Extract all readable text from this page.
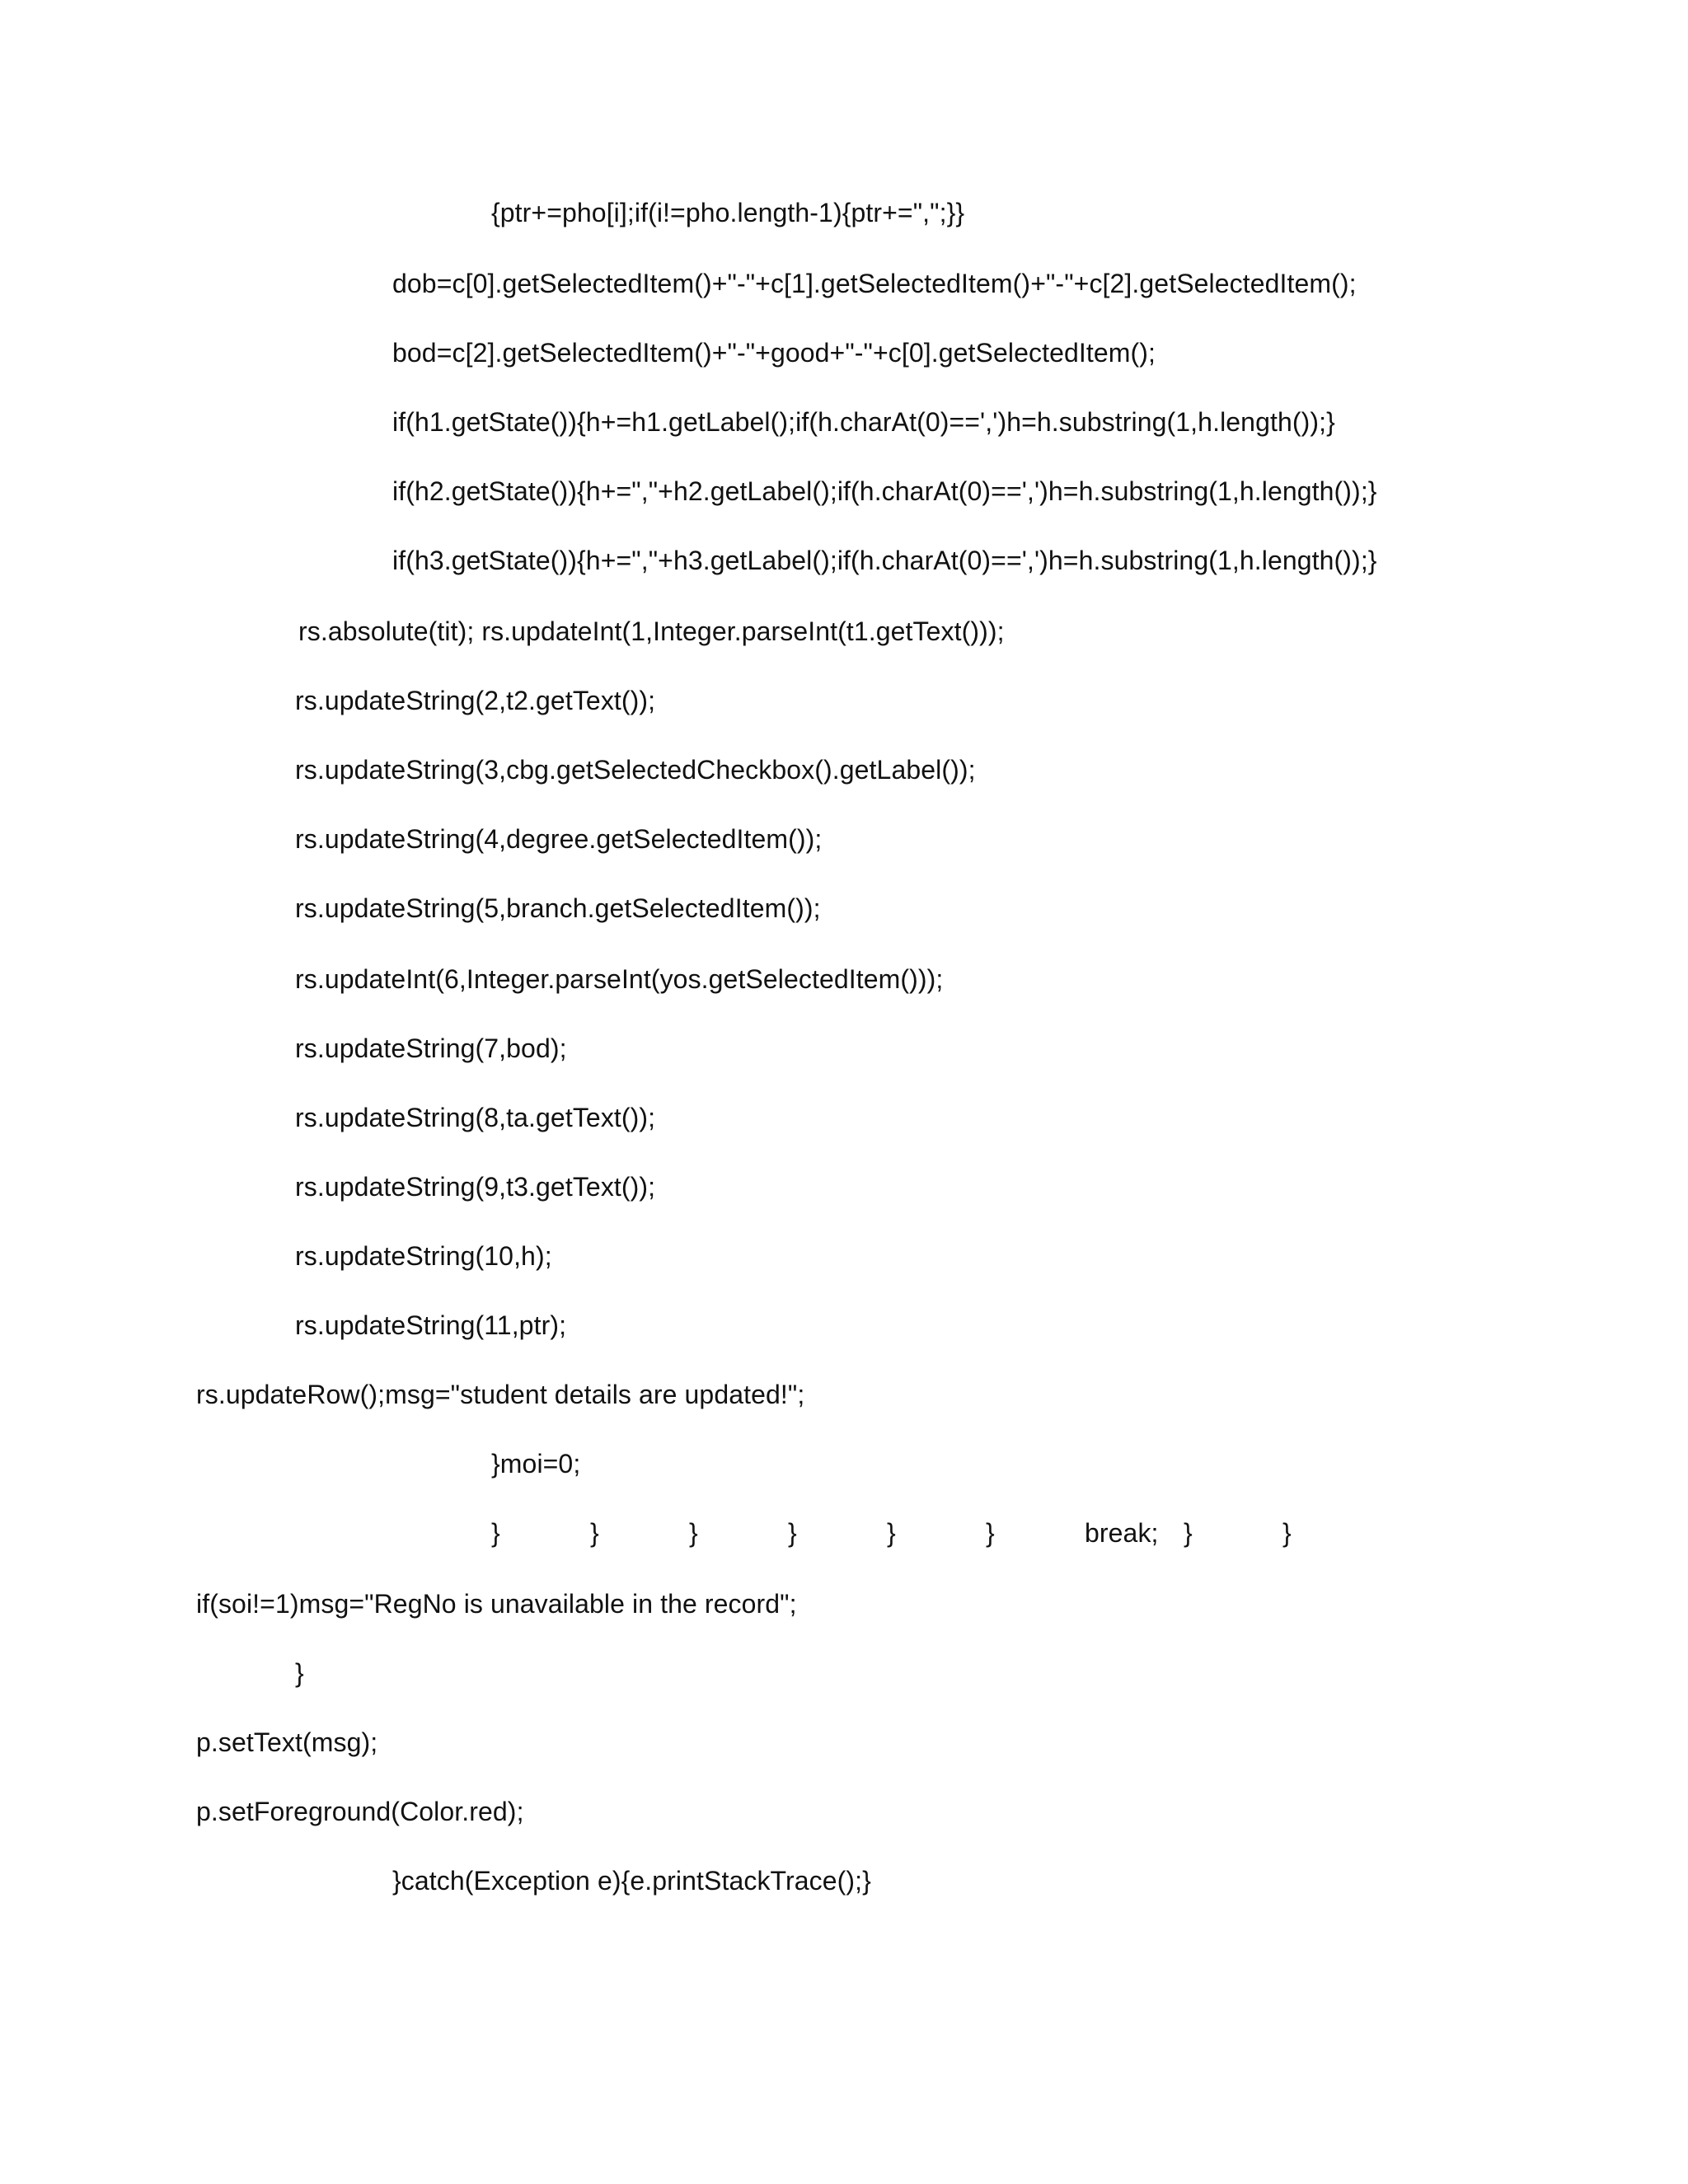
{ptr+=pho[i];if(i!=pho.length-1){ptr+=",";}}

dob=c[0].getSelectedItem()+"-"+c[1].getSelectedItem()+"-"+c[2].getSelectedItem();

bod=c[2].getSelectedItem()+"-"+good+"-"+c[0].getSelectedItem();

if(h1.getState()){h+=h1.getLabel();if(h.charAt(0)==',')h=h.substring(1,h.length());}

if(h2.getState()){h+=","+h2.getLabel();if(h.charAt(0)==',')h=h.substring(1,h.length());}

if(h3.getState()){h+=","+h3.getLabel();if(h.charAt(0)==',')h=h.substring(1,h.length());}

rs.absolute(tit); rs.updateInt(1,Integer.parseInt(t1.getText()));

rs.updateString(2,t2.getText());

rs.updateString(3,cbg.getSelectedCheckbox().getLabel());

rs.updateString(4,degree.getSelectedItem());

rs.updateString(5,branch.getSelectedItem());

rs.updateInt(6,Integer.parseInt(yos.getSelectedItem()));

rs.updateString(7,bod);

rs.updateString(8,ta.getText());

rs.updateString(9,t3.getText());

rs.updateString(10,h);

rs.updateString(11,ptr);

rs.updateRow();msg="student details are updated!";

}moi=0;

}

	}

	}

	}

	}

	}

	break;

}

	}

if(soi!=1)msg="RegNo is unavailable in the record";

}

p.setText(msg);

p.setForeground(Color.red);

}catch(Exception e){e.printStackTrace();}
